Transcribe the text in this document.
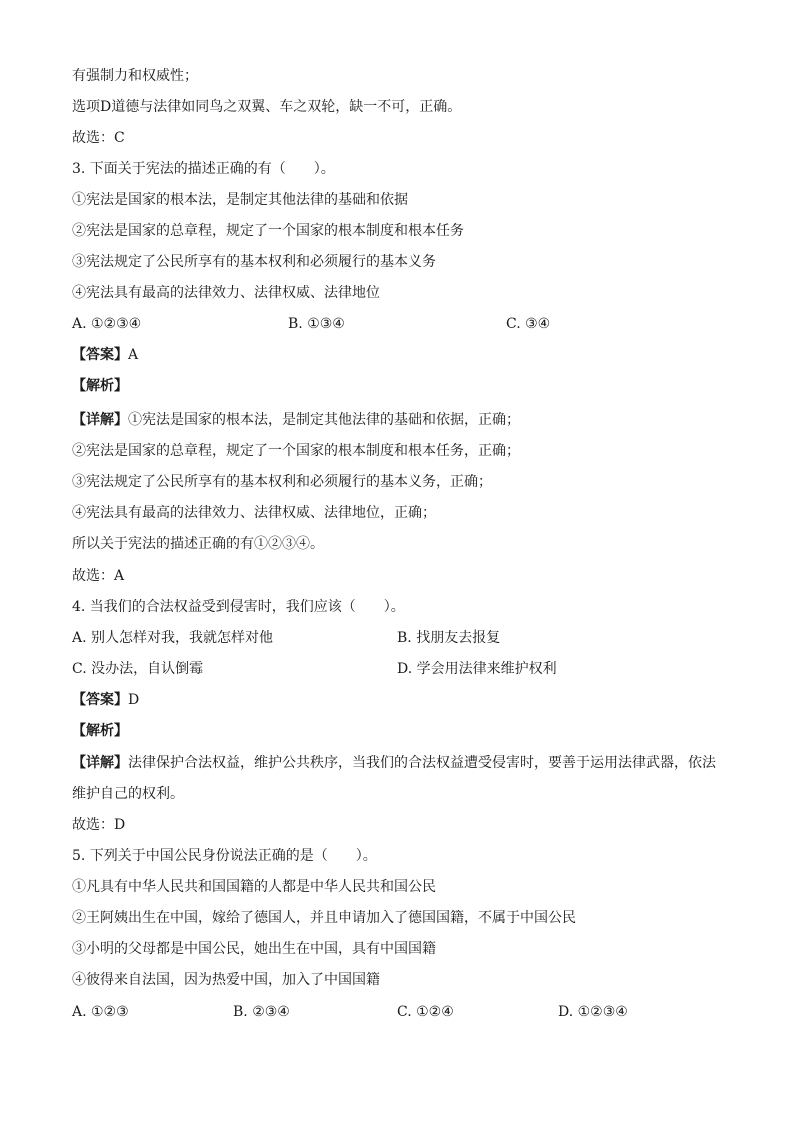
有强制力和权威性；
选项D道德与法律如同鸟之双翼、车之双轮，缺一不可，正确。
故选：C
3. 下面关于宪法的描述正确的有（　　）。
①宪法是国家的根本法，是制定其他法律的基础和依据
②宪法是国家的总章程，规定了一个国家的根本制度和根本任务
③宪法规定了公民所享有的基本权利和必须履行的基本义务
④宪法具有最高的法律效力、法律权威、法律地位
A. ①②③④	B. ①③④	C. ③④
【答案】A
【解析】
【详解】①宪法是国家的根本法，是制定其他法律的基础和依据，正确；
②宪法是国家的总章程，规定了一个国家的根本制度和根本任务，正确；
③宪法规定了公民所享有的基本权利和必须履行的基本义务，正确；
④宪法具有最高的法律效力、法律权威、法律地位，正确；
所以关于宪法的描述正确的有①②③④。
故选：A
4. 当我们的合法权益受到侵害时，我们应该（　　）。
A. 别人怎样对我，我就怎样对他	B. 找朋友去报复
C. 没办法，自认倒霉	D. 学会用法律来维护权利
【答案】D
【解析】
【详解】法律保护合法权益，维护公共秩序，当我们的合法权益遭受侵害时，要善于运用法律武器，依法
维护自己的权利。
故选：D
5. 下列关于中国公民身份说法正确的是（　　）。
①凡具有中华人民共和国国籍的人都是中华人民共和国公民
②王阿姨出生在中国，嫁给了德国人，并且申请加入了德国国籍，不属于中国公民
③小明的父母都是中国公民，她出生在中国，具有中国国籍
④彼得来自法国，因为热爱中国，加入了中国国籍
A. ①②③	B. ②③④	C. ①②④	D. ①②③④
